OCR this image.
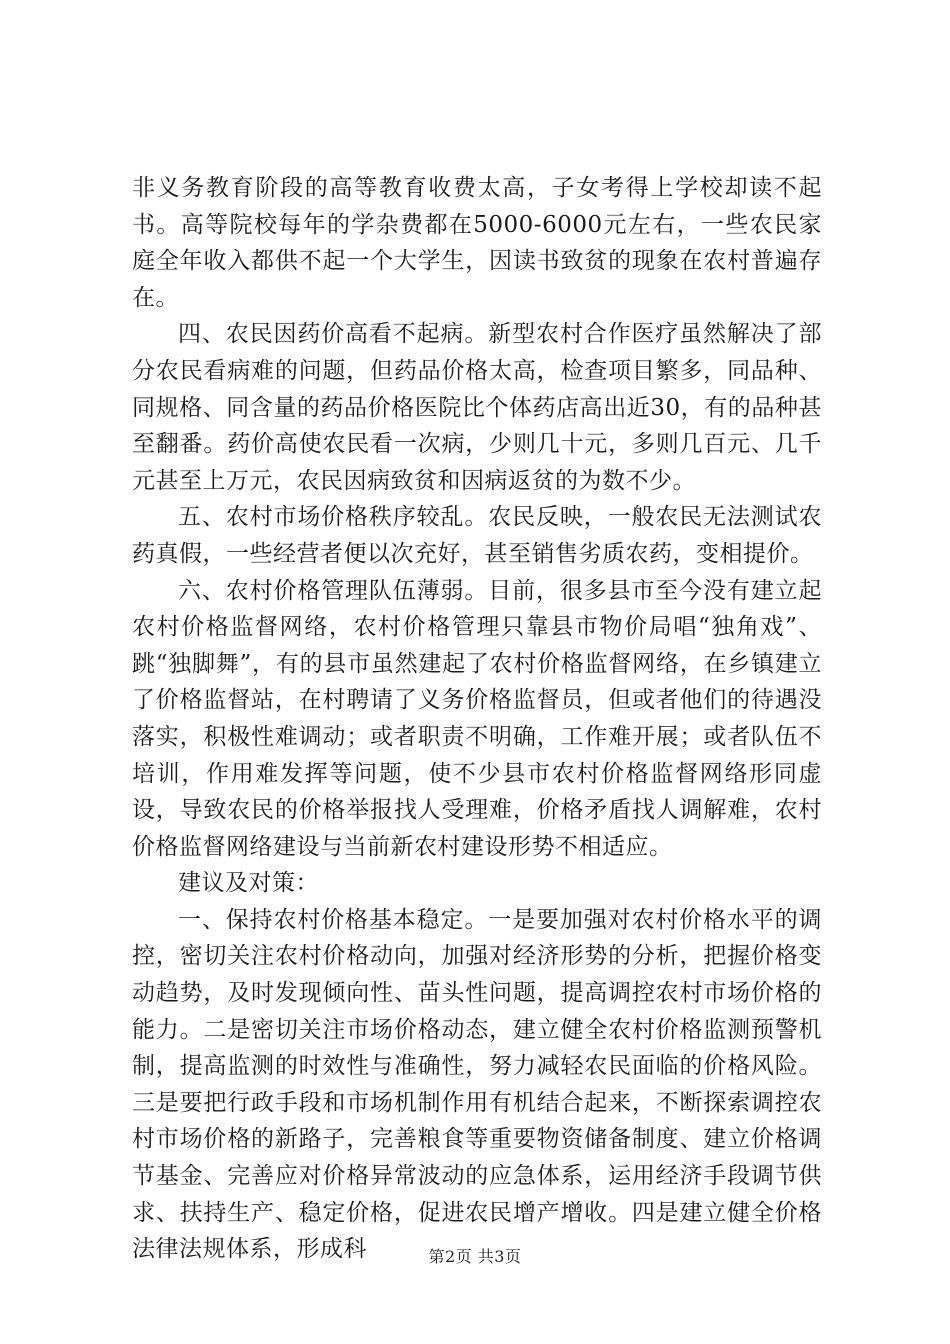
非义务教育阶段的高等教育收费太高，子女考得上学校却读不起书。高等院校每年的学杂费都在5000-6000元左右，一些农民家庭全年收入都供不起一个大学生，因读书致贫的现象在农村普遍存在。

四、农民因药价高看不起病。新型农村合作医疗虽然解决了部分农民看病难的问题，但药品价格太高，检查项目繁多，同品种、同规格、同含量的药品价格医院比个体药店高出近30，有的品种甚至翻番。药价高使农民看一次病，少则几十元，多则几百元、几千元甚至上万元，农民因病致贫和因病返贫的为数不少。

五、农村市场价格秩序较乱。农民反映，一般农民无法测试农药真假，一些经营者便以次充好，甚至销售劣质农药，变相提价。

六、农村价格管理队伍薄弱。目前，很多县市至今没有建立起农村价格监督网络，农村价格管理只靠县市物价局唱“独角戏”、跳“独脚舞”，有的县市虽然建起了农村价格监督网络，在乡镇建立了价格监督站，在村聘请了义务价格监督员，但或者他们的待遇没落实，积极性难调动；或者职责不明确，工作难开展；或者队伍不培训，作用难发挥等问题，使不少县市农村价格监督网络形同虚设，导致农民的价格举报找人受理难，价格矛盾找人调解难，农村价格监督网络建设与当前新农村建设形势不相适应。

建议及对策：

一、保持农村价格基本稳定。一是要加强对农村价格水平的调控，密切关注农村价格动向，加强对经济形势的分析，把握价格变动趋势，及时发现倾向性、苗头性问题，提高调控农村市场价格的能力。二是密切关注市场价格动态，建立健全农村价格监测预警机制，提高监测的时效性与准确性，努力减轻农民面临的价格风险。三是要把行政手段和市场机制作用有机结合起来，不断探索调控农村市场价格的新路子，完善粮食等重要物资储备制度、建立价格调节基金、完善应对价格异常波动的应急体系，运用经济手段调节供求、扶持生产、稳定价格，促进农民增产增收。四是建立健全价格法律法规体系，形成科	第2页 共3页
